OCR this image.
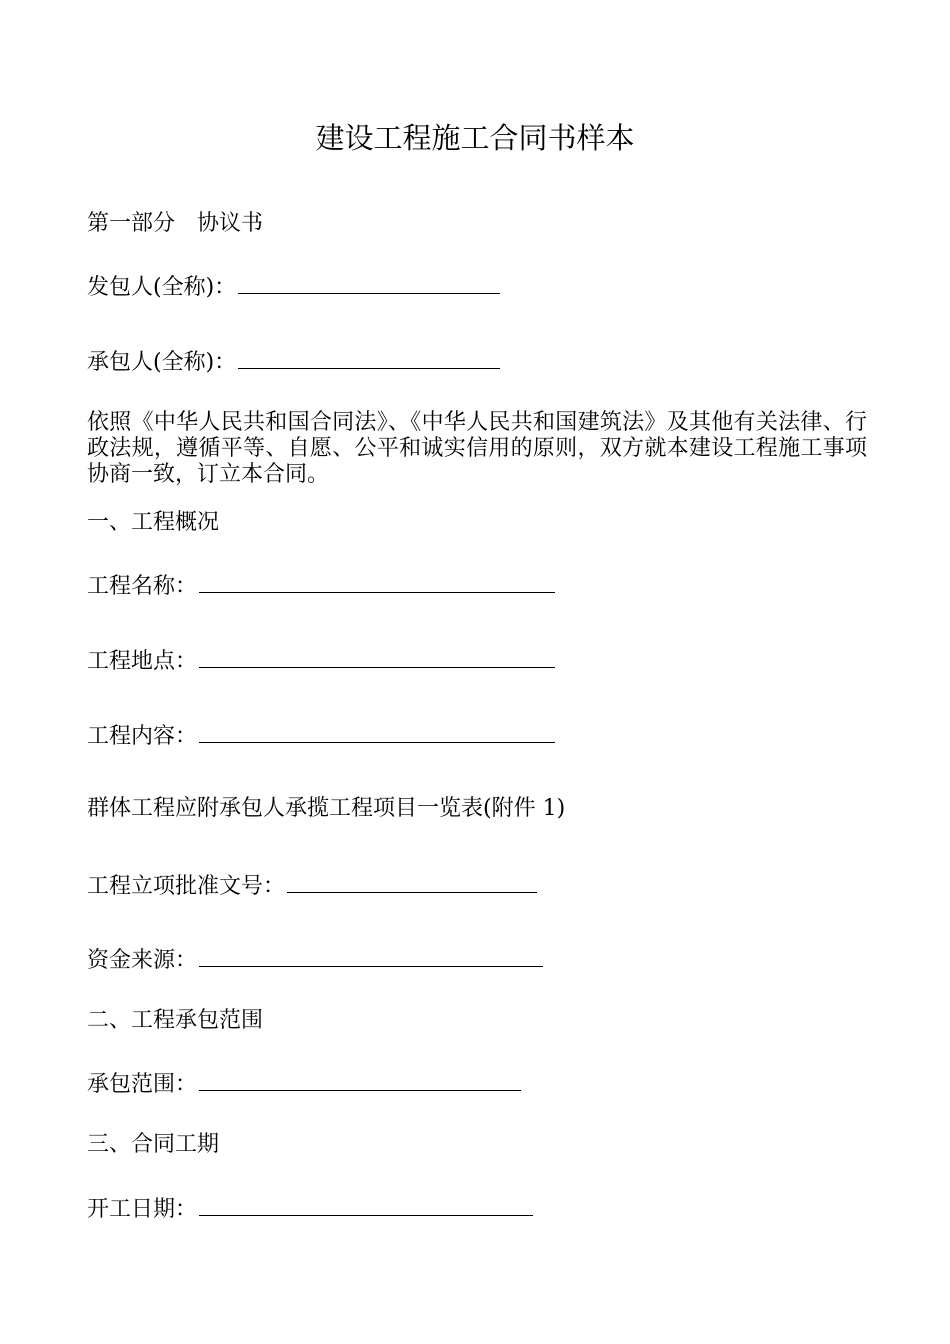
建设工程施工合同书样本
第一部分　协议书
发包人(全称)：
承包人(全称)：
依照《中华人民共和国合同法》、《中华人民共和国建筑法》及其他有关法律、行政法规，遵循平等、自愿、公平和诚实信用的原则，双方就本建设工程施工事项协商一致，订立本合同。
一、工程概况
工程名称：
工程地点：
工程内容：
群体工程应附承包人承揽工程项目一览表(附件 1)
工程立项批准文号：
资金来源：
二、工程承包范围
承包范围：
三、合同工期
开工日期：
